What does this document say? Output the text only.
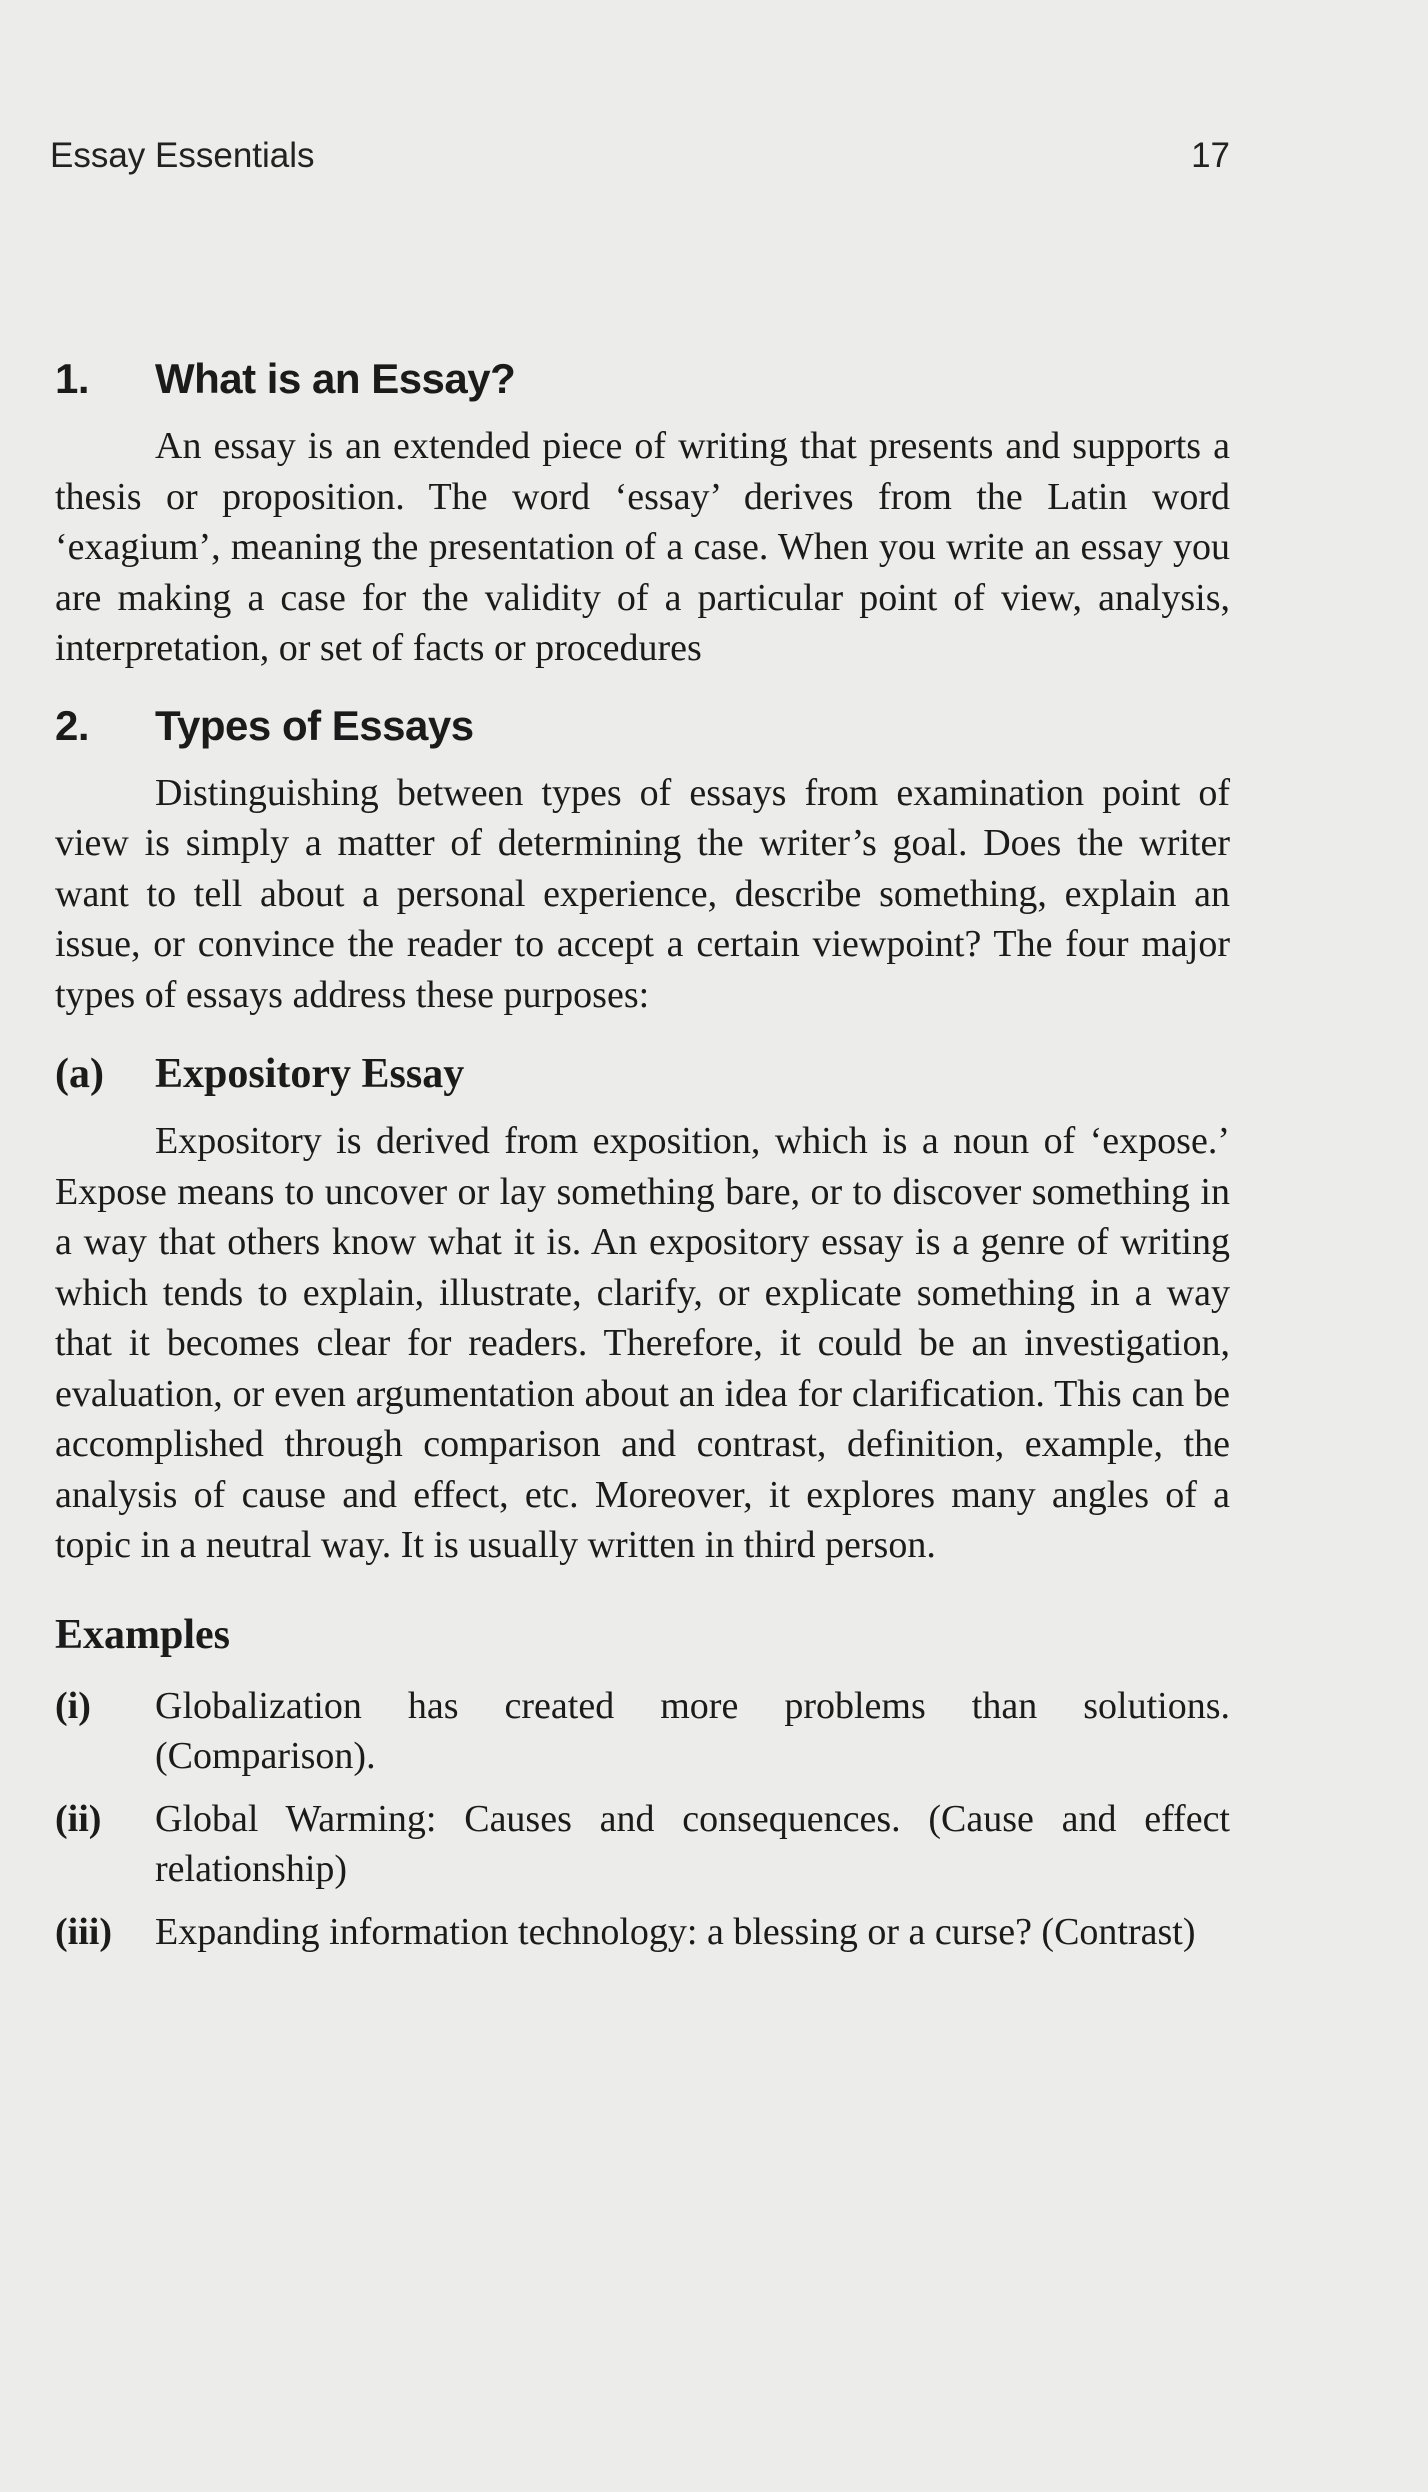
Essay Essentials	17
1.	What is an Essay?

An essay is an extended piece of writing that presents and supports a thesis or proposition. The word ‘essay’ derives from the Latin word ‘exagium’, meaning the presentation of a case. When you write an essay you are making a case for the validity of a particular point of view, analysis, interpretation, or set of facts or procedures

2.	Types of Essays

Distinguishing between types of essays from examination point of view is simply a matter of determining the writer’s goal. Does the writer want to tell about a personal experience, describe something, explain an issue, or convince the reader to accept a certain viewpoint? The four major types of essays address these purposes:

(a)	Expository Essay

Expository is derived from exposition, which is a noun of ‘expose.’ Expose means to uncover or lay something bare, or to discover something in a way that others know what it is. An expository essay is a genre of writing which tends to explain, illustrate, clarify, or explicate something in a way that it becomes clear for readers. Therefore, it could be an investigation, evaluation, or even argumentation about an idea for clarification. This can be accomplished through comparison and contrast, definition, example, the analysis of cause and effect, etc. Moreover, it explores many angles of a topic in a neutral way. It is usually written in third person.

Examples
(i)	Globalization has created more problems than solutions. (Comparison).
(ii)	Global Warming: Causes and consequences. (Cause and effect relationship)
(iii)	Expanding information technology: a blessing or a curse? (Contrast)
